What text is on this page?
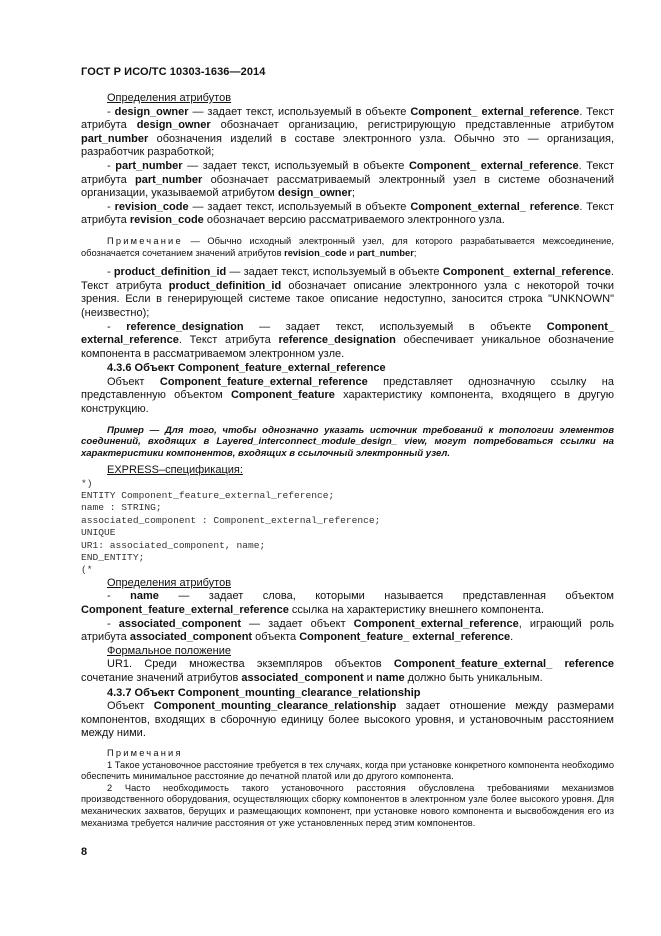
ГОСТ Р ИСО/ТС 10303-1636—2014

Определения атрибутов

- design_owner — задает текст, используемый в объекте Component_ external_reference. Текст атрибута design_owner обозначает организацию, регистрирующую представленные атрибутом part_number обозначения изделий в составе электронного узла. Обычно это — организация, разработчик разработкой;

- part_number — задает текст, используемый в объекте Component_ external_reference. Текст атрибута part_number обозначает рассматриваемый электронный узел в системе обозначений организации, указываемой атрибутом design_owner;

- revision_code — задает текст, используемый в объекте Component_external_ reference. Текст атрибута revision_code обозначает версию рассматриваемого электронного узла.

Примечание — Обычно исходный электронный узел, для которого разрабатывается межсоединение, обозначается сочетанием значений атрибутов revision_code и part_number;

- product_definition_id — задает текст, используемый в объекте Component_ external_reference. Текст атрибута product_definition_id обозначает описание электронного узла с некоторой точки зрения. Если в генерирующей системе такое описание недоступно, заносится строка "UNKNOWN" (неизвестно);

- reference_designation — задает текст, используемый в объекте Component_ external_reference. Текст атрибута reference_designation обеспечивает уникальное обозначение компонента в рассматриваемом электронном узле.

4.3.6 Объект Component_feature_external_reference

Объект Component_feature_external_reference представляет однозначную ссылку на представленную объектом Component_feature характеристику компонента, входящего в другую конструкцию.

Пример — Для того, чтобы однозначно указать источник требований к топологии элементов соединений, входящих в Layered_interconnect_module_design_ view, могут потребоваться ссылки на характеристики компонентов, входящих в ссылочный электронный узел.

EXPRESS–спецификация:

*)
ENTITY Component_feature_external_reference;
name : STRING;
associated_component : Component_external_reference;
UNIQUE
UR1: associated_component, name;
END_ENTITY;
(*

Определения атрибутов

- name — задает слова, которыми называется представленная объектом Component_feature_external_reference ссылка на характеристику внешнего компонента.

- associated_component — задает объект Component_external_reference, играющий роль атрибута associated_component объекта Component_feature_ external_reference.

Формальное положение

UR1. Среди множества экземпляров объектов Component_feature_external_ reference сочетание значений атрибутов associated_component и name должно быть уникальным.

4.3.7 Объект Component_mounting_clearance_relationship

Объект Component_mounting_clearance_relationship задает отношение между размерами компонентов, входящих в сборочную единицу более высокого уровня, и установочным расстоянием между ними.

Примечания

1 Такое установочное расстояние требуется в тех случаях, когда при установке конкретного компонента необходимо обеспечить минимальное расстояние до печатной платой или до другого компонента.

2 Часто необходимость такого установочного расстояния обусловлена требованиями механизмов производственного оборудования, осуществляющих сборку компонентов в электронном узле более высокого уровня. Для механических захватов, берущих и размещающих компонент, при установке нового компонента и высвобождения его из механизма требуется наличие расстояния от уже установленных перед этим компонентов.

8
